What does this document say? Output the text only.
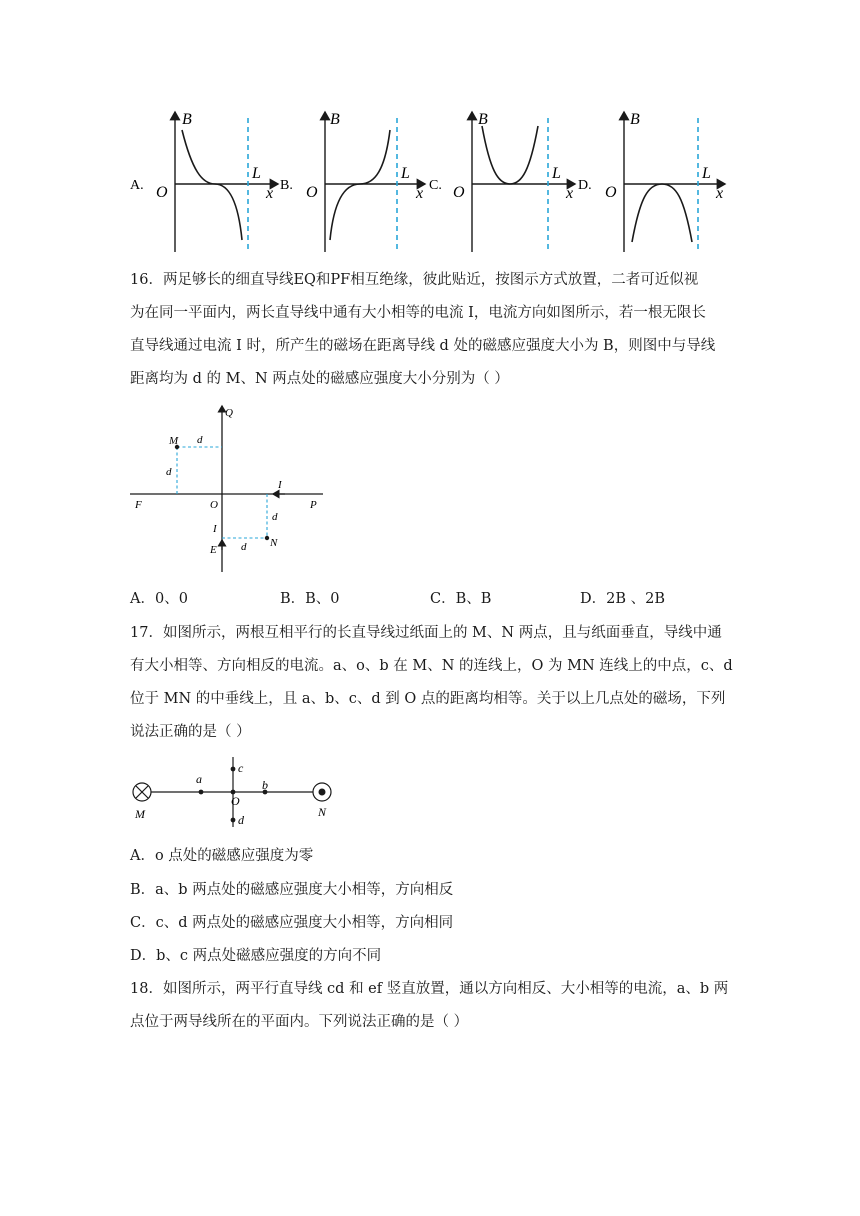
A.
B
O
L
x B.
B
O
L
x C.
B
O
L
x D.
B
O
L
x
16．两足够长的细直导线EQ和PF相互绝缘，彼此贴近，按图示方式放置，二者可近似视
为在同一平面内，两长直导线中通有大小相等的电流 I，电流方向如图所示，若一根无限长
直导线通过电流 I 时，所产生的磁场在距离导线 d 处的磁感应强度大小为 B，则图中与导线
距离均为 d 的 M、N 两点处的磁感应强度大小分别为（ ）
Q
M d
d
F	O	P
I
I
d
E d N
A．0、0	B．B、0	C．B、B	D．2B 、2B
17．如图所示，两根互相平行的长直导线过纸面上的 M、N 两点，且与纸面垂直，导线中通
有大小相等、方向相反的电流。a、o、b 在 M、N 的连线上，O 为 MN 连线上的中点，c、d
位于 MN 的中垂线上，且 a、b、c、d 到 O 点的距离均相等。关于以上几点处的磁场，下列
说法正确的是（ ）
M	N
a	b
c
O
d
A．o 点处的磁感应强度为零
B．a、b 两点处的磁感应强度大小相等，方向相反
C．c、d 两点处的磁感应强度大小相等，方向相同
D．b、c 两点处磁感应强度的方向不同
18．如图所示，两平行直导线 cd 和 ef 竖直放置，通以方向相反、大小相等的电流，a、b 两
点位于两导线所在的平面内。下列说法正确的是（ ）
